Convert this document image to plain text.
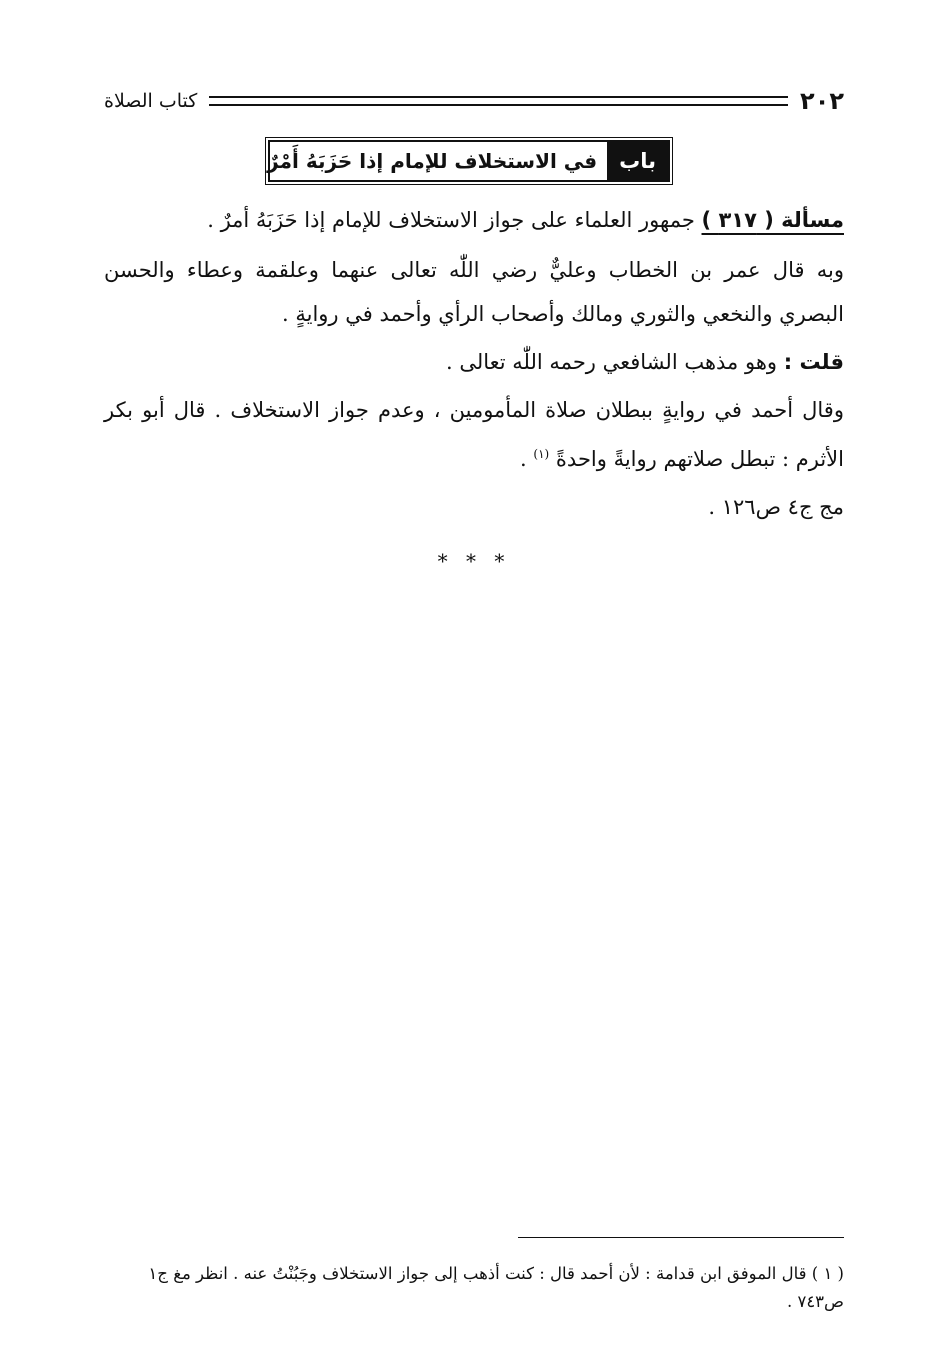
٢٠٢
كتاب الصلاة
باب
في الاستخلاف للإمام إذا حَزَبَهُ أَمْرٌ

مسألة ( ٣١٧ ) جمهور العلماء على جواز الاستخلاف للإمام إذا حَزَبَهُ أمرٌ .

وبه قال عمر بن الخطاب وعليٌّ رضي اللّٰه تعالى عنهما وعلقمة وعطاء والحسن البصري والنخعي والثوري ومالك وأصحاب الرأي وأحمد في روايةٍ .

قلت : وهو مذهب الشافعي رحمه اللّٰه تعالى .

وقال أحمد في روايةٍ ببطلان صلاة المأمومين ، وعدم جواز الاستخلاف . قال أبو بكر الأثرم : تبطل صلاتهم روايةً واحدةً $^{(١)}$ .

مج ج٤ ص١٢٦ .

* * *
( ١ ) قال الموفق ابن قدامة : لأن أحمد قال : كنت أذهب إلى جواز الاستخلاف وجَبُنْتُ عنه . انظر مغ ج١ ص٧٤٣ .
